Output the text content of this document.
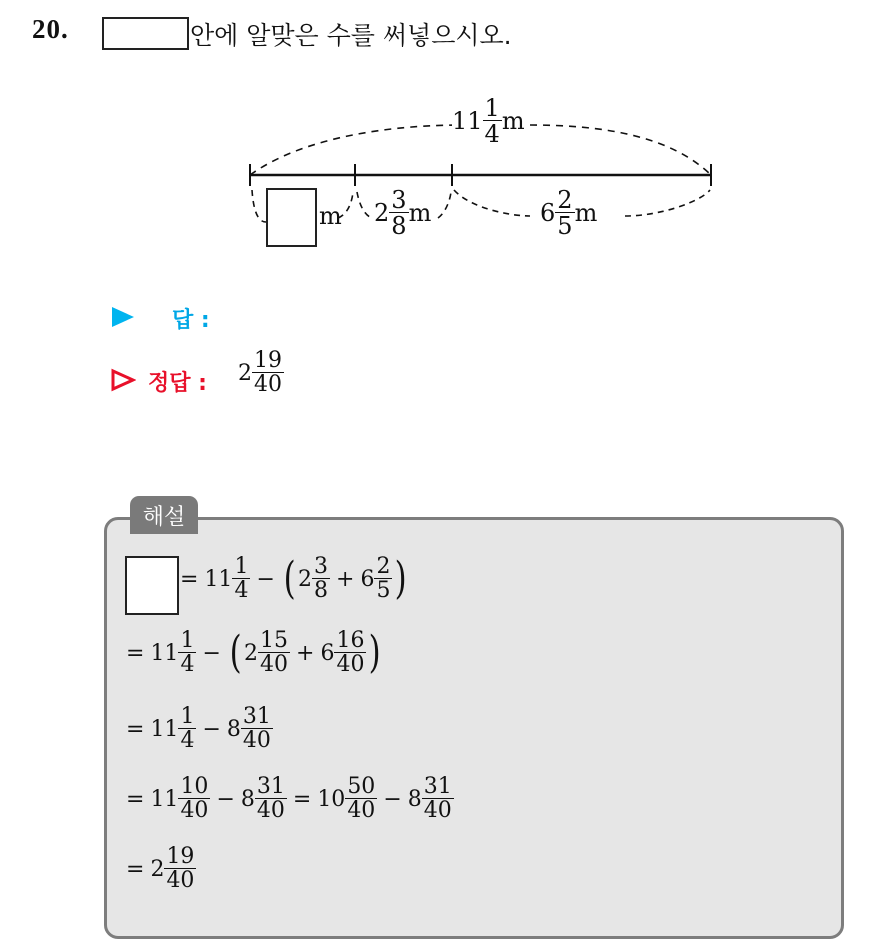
20.	안에 알맞은 수를 써넣으시오.
$11 \frac{1}{4}$ m
m $2 \frac{3}{8}$ m	$6 \frac{2}{5}$ m
답 :
정답 : $2 \frac{19}{40}$
해설
= $11 \frac{1}{4}$ − ( $2 \frac{3}{8} + 6 \frac{2}{5}$ )
= $11 \frac{1}{4}$ − ( $2 \frac{15}{40} + 6 \frac{16}{40}$ )
= $11 \frac{1}{4} - 8 \frac{31}{40}$
= $11 \frac{10}{40} - 8 \frac{31}{40} = 10 \frac{50}{40} - 8 \frac{31}{40}$
= $2 \frac{19}{40}$
